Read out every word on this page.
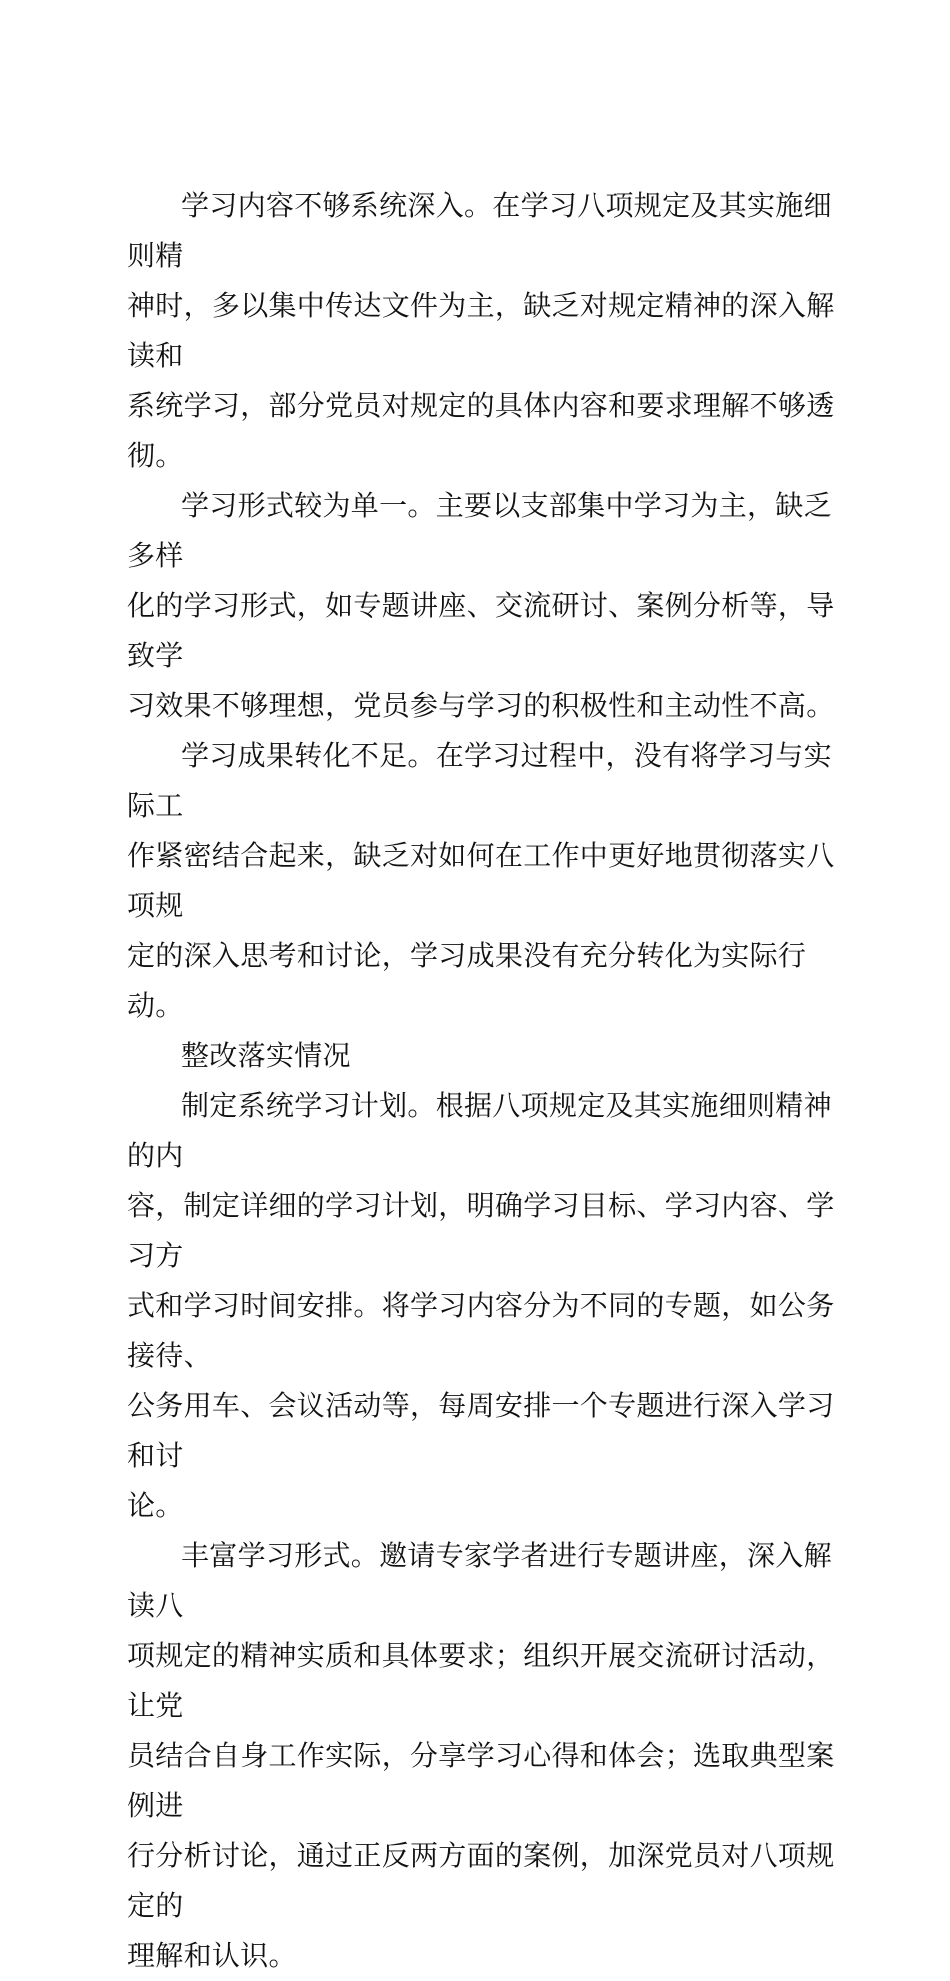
学习内容不够系统深入。在学习八项规定及其实施细则精
神时，多以集中传达文件为主，缺乏对规定精神的深入解读和
系统学习，部分党员对规定的具体内容和要求理解不够透彻。

学习形式较为单一。主要以支部集中学习为主，缺乏多样
化的学习形式，如专题讲座、交流研讨、案例分析等，导致学
习效果不够理想，党员参与学习的积极性和主动性不高。

学习成果转化不足。在学习过程中，没有将学习与实际工
作紧密结合起来，缺乏对如何在工作中更好地贯彻落实八项规
定的深入思考和讨论，学习成果没有充分转化为实际行动。

整改落实情况

制定系统学习计划。根据八项规定及其实施细则精神的内
容，制定详细的学习计划，明确学习目标、学习内容、学习方
式和学习时间安排。将学习内容分为不同的专题，如公务接待、
公务用车、会议活动等，每周安排一个专题进行深入学习和讨
论。

丰富学习形式。邀请专家学者进行专题讲座，深入解读八
项规定的精神实质和具体要求；组织开展交流研讨活动，让党
员结合自身工作实际，分享学习心得和体会；选取典型案例进
行分析讨论，通过正反两方面的案例，加深党员对八项规定的
理解和认识。
